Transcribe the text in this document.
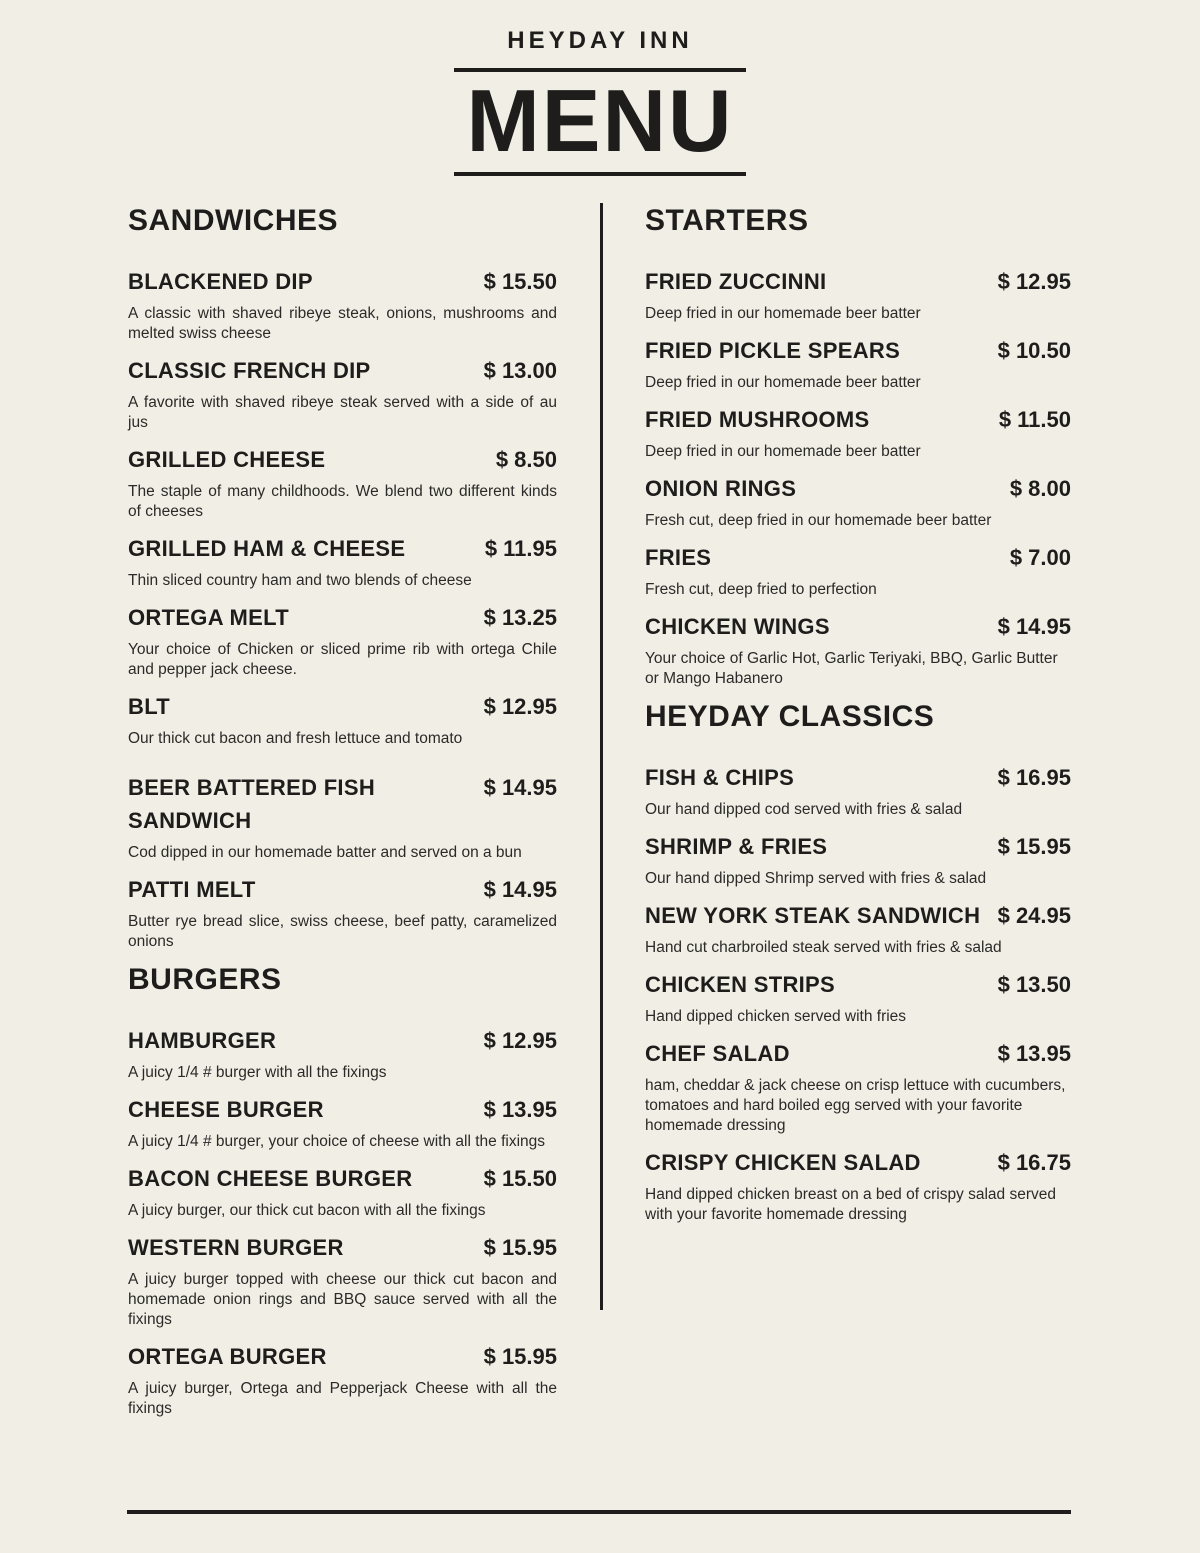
HEYDAY INN
MENU
SANDWICHES
BLACKENED DIP	$ 15.50

A classic with shaved ribeye steak, onions, mushrooms and melted swiss cheese

CLASSIC FRENCH DIP	$ 13.00

A favorite with shaved ribeye steak served with a side of au jus

GRILLED CHEESE	$ 8.50

The staple of many childhoods. We blend two different kinds of cheeses

GRILLED HAM & CHEESE	$ 11.95

Thin sliced country ham and two blends of cheese

ORTEGA MELT	$ 13.25

Your choice of Chicken or sliced prime rib with ortega Chile and pepper jack cheese.

BLT	$ 12.95

Our thick cut bacon and fresh lettuce and tomato

BEER BATTERED FISH SANDWICH
$ 14.95

Cod dipped in our homemade batter and served on a bun

PATTI MELT	$ 14.95

Butter rye bread slice, swiss cheese, beef patty, caramelized onions

BURGERS
HAMBURGER	$ 12.95

A juicy 1/4 # burger with all the fixings

CHEESE BURGER	$ 13.95

A juicy 1/4 # burger, your choice of cheese with all the fixings

BACON CHEESE BURGER	$ 15.50

A juicy burger, our thick cut bacon with all the fixings

WESTERN BURGER	$ 15.95

A juicy burger topped with cheese our thick cut bacon and homemade onion rings and BBQ sauce served with all the fixings

ORTEGA BURGER	$ 15.95

A juicy burger, Ortega and Pepperjack Cheese with all the fixings

STARTERS
FRIED ZUCCINNI	$ 12.95

Deep fried in our homemade beer batter

FRIED PICKLE SPEARS	$ 10.50

Deep fried in our homemade beer batter

FRIED MUSHROOMS	$ 11.50

Deep fried in our homemade beer batter

ONION RINGS	$ 8.00

Fresh cut, deep fried in our homemade beer batter

FRIES	$ 7.00

Fresh cut, deep fried to perfection

CHICKEN WINGS	$ 14.95

Your choice of Garlic Hot, Garlic Teriyaki, BBQ, Garlic Butter or Mango Habanero

HEYDAY CLASSICS
FISH & CHIPS	$ 16.95

Our hand dipped cod served with fries & salad

SHRIMP & FRIES	$ 15.95

Our hand dipped Shrimp served with fries & salad

NEW YORK STEAK SANDWICH $ 24.95

Hand cut charbroiled steak served with fries & salad

CHICKEN STRIPS	$ 13.50

Hand dipped chicken served with fries

CHEF SALAD	$ 13.95

ham, cheddar & jack cheese on crisp lettuce with cucumbers, tomatoes and hard boiled egg served with your favorite homemade dressing

CRISPY CHICKEN SALAD	$ 16.75

Hand dipped chicken breast on a bed of crispy salad served with your favorite homemade dressing
